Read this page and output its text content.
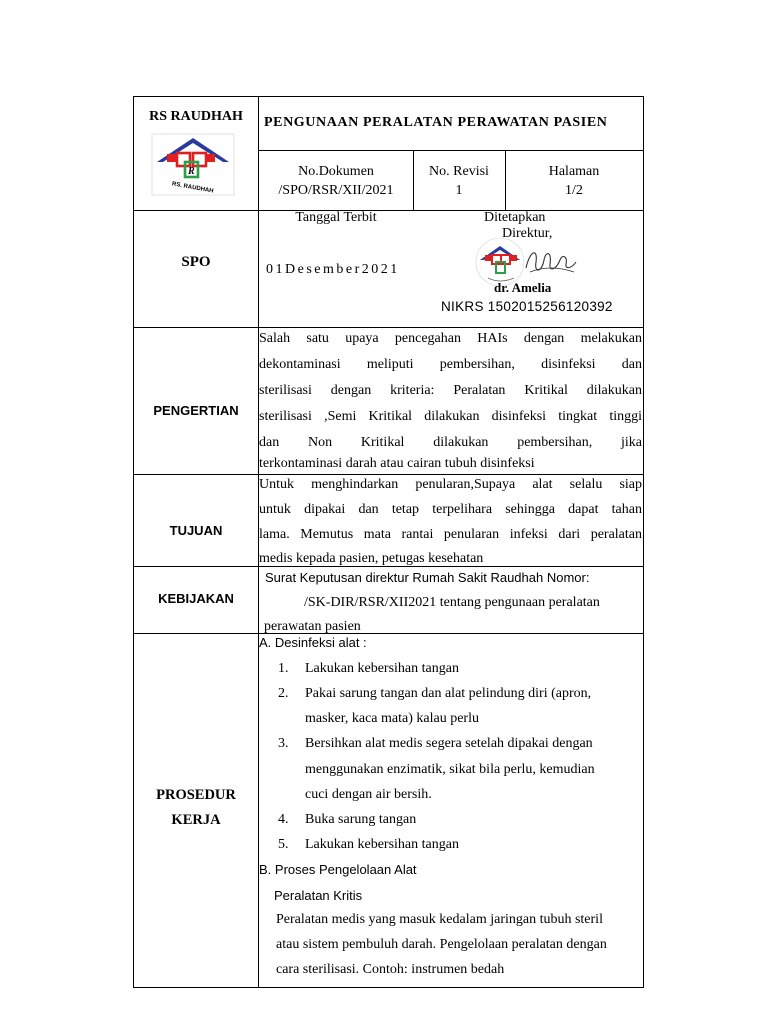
RS RAUDHAH
R
RS. RAUDHAH
PENGUNAAN PERALATAN PERAWATAN PASIEN
No.Dokumen
/SPO/RSR/XII/2021
No. Revisi
1
Halaman
1/2
SPO
Tanggal Terbit
01Desember2021
Ditetapkan
Direktur,
dr. Amelia
NIKRS 1502015256120392
PENGERTIAN
Salah satu upaya pencegahan HAIs dengan melakukan
dekontaminasi meliputi pembersihan, disinfeksi dan
sterilisasi dengan kriteria: Peralatan Kritikal dilakukan
sterilisasi ,Semi Kritikal dilakukan disinfeksi tingkat tinggi
dan Non Kritikal dilakukan pembersihan, jika
terkontaminasi darah atau cairan tubuh disinfeksi
TUJUAN
Untuk menghindarkan penularan,Supaya alat selalu siap
untuk dipakai dan tetap terpelihara sehingga dapat tahan
lama. Memutus mata rantai penularan infeksi dari peralatan
medis kepada pasien, petugas kesehatan
KEBIJAKAN
Surat Keputusan direktur Rumah Sakit Raudhah Nomor:
/SK-DIR/RSR/XII2021 tentang pengunaan peralatan
perawatan pasien
PROSEDUR
KERJA
A. Desinfeksi alat :
1. Lakukan kebersihan tangan
2. Pakai sarung tangan dan alat pelindung diri (apron,
masker, kaca mata) kalau perlu
3. Bersihkan alat medis segera setelah dipakai dengan
menggunakan enzimatik, sikat bila perlu, kemudian
cuci dengan air bersih.
4. Buka sarung tangan
5. Lakukan kebersihan tangan
B. Proses Pengelolaan Alat
Peralatan Kritis
Peralatan medis yang masuk kedalam jaringan tubuh steril
atau sistem pembuluh darah. Pengelolaan peralatan dengan
cara sterilisasi. Contoh: instrumen bedah
